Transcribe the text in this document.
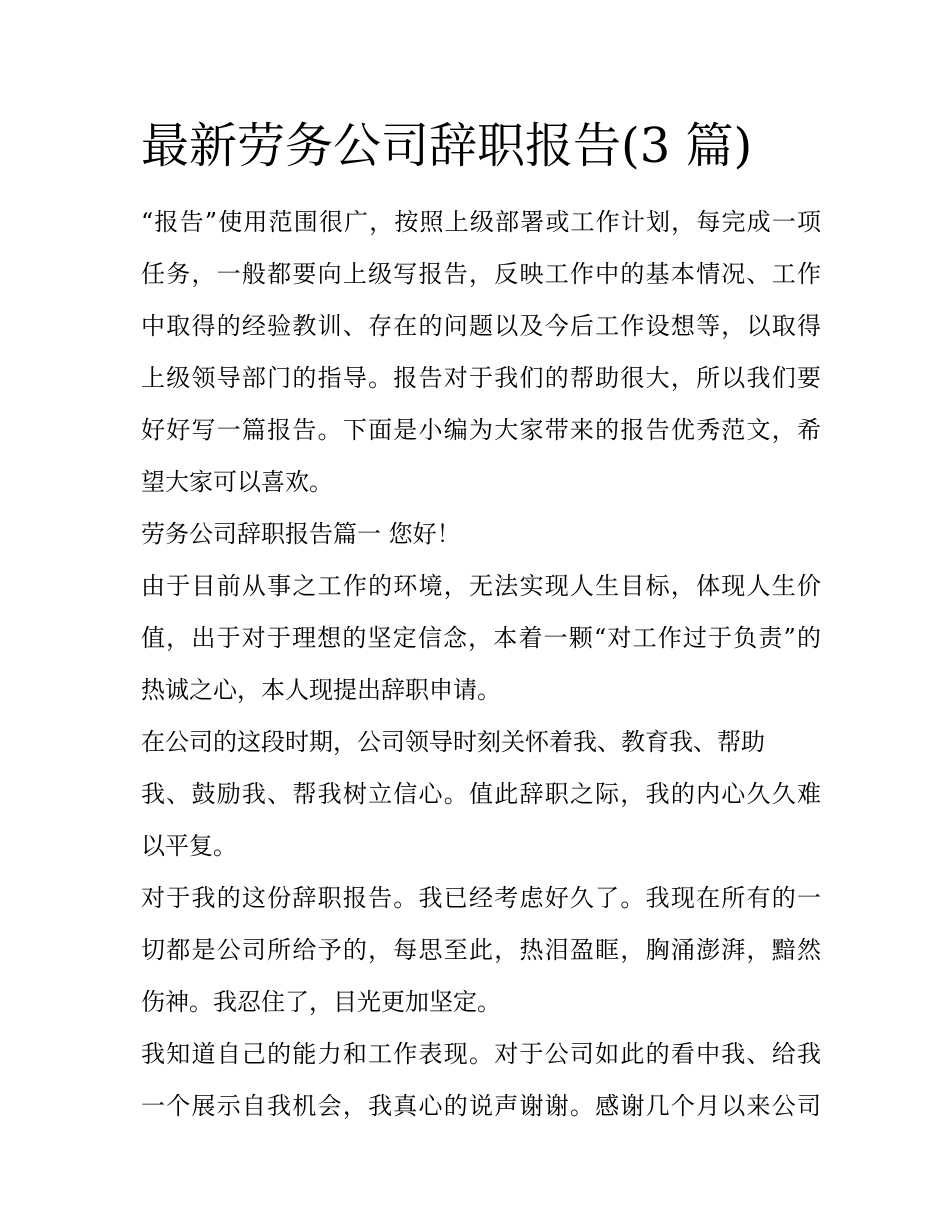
最新劳务公司辞职报告(3 篇)
“报告”使用范围很广，按照上级部署或工作计划，每完成一项
任务，一般都要向上级写报告，反映工作中的基本情况、工作
中取得的经验教训、存在的问题以及今后工作设想等，以取得
上级领导部门的指导。报告对于我们的帮助很大，所以我们要
好好写一篇报告。下面是小编为大家带来的报告优秀范文，希
望大家可以喜欢。
劳务公司辞职报告篇一 您好！
由于目前从事之工作的环境，无法实现人生目标，体现人生价
值，出于对于理想的坚定信念，本着一颗“对工作过于负责”的
热诚之心，本人现提出辞职申请。
在公司的这段时期，公司领导时刻关怀着我、教育我、帮助
我、鼓励我、帮我树立信心。值此辞职之际，我的内心久久难
以平复。
对于我的这份辞职报告。我已经考虑好久了。我现在所有的一
切都是公司所给予的，每思至此，热泪盈眶，胸涌澎湃，黯然
伤神。我忍住了，目光更加坚定。
我知道自己的能力和工作表现。对于公司如此的看中我、给我
一个展示自我机会，我真心的说声谢谢。感谢几个月以来公司
